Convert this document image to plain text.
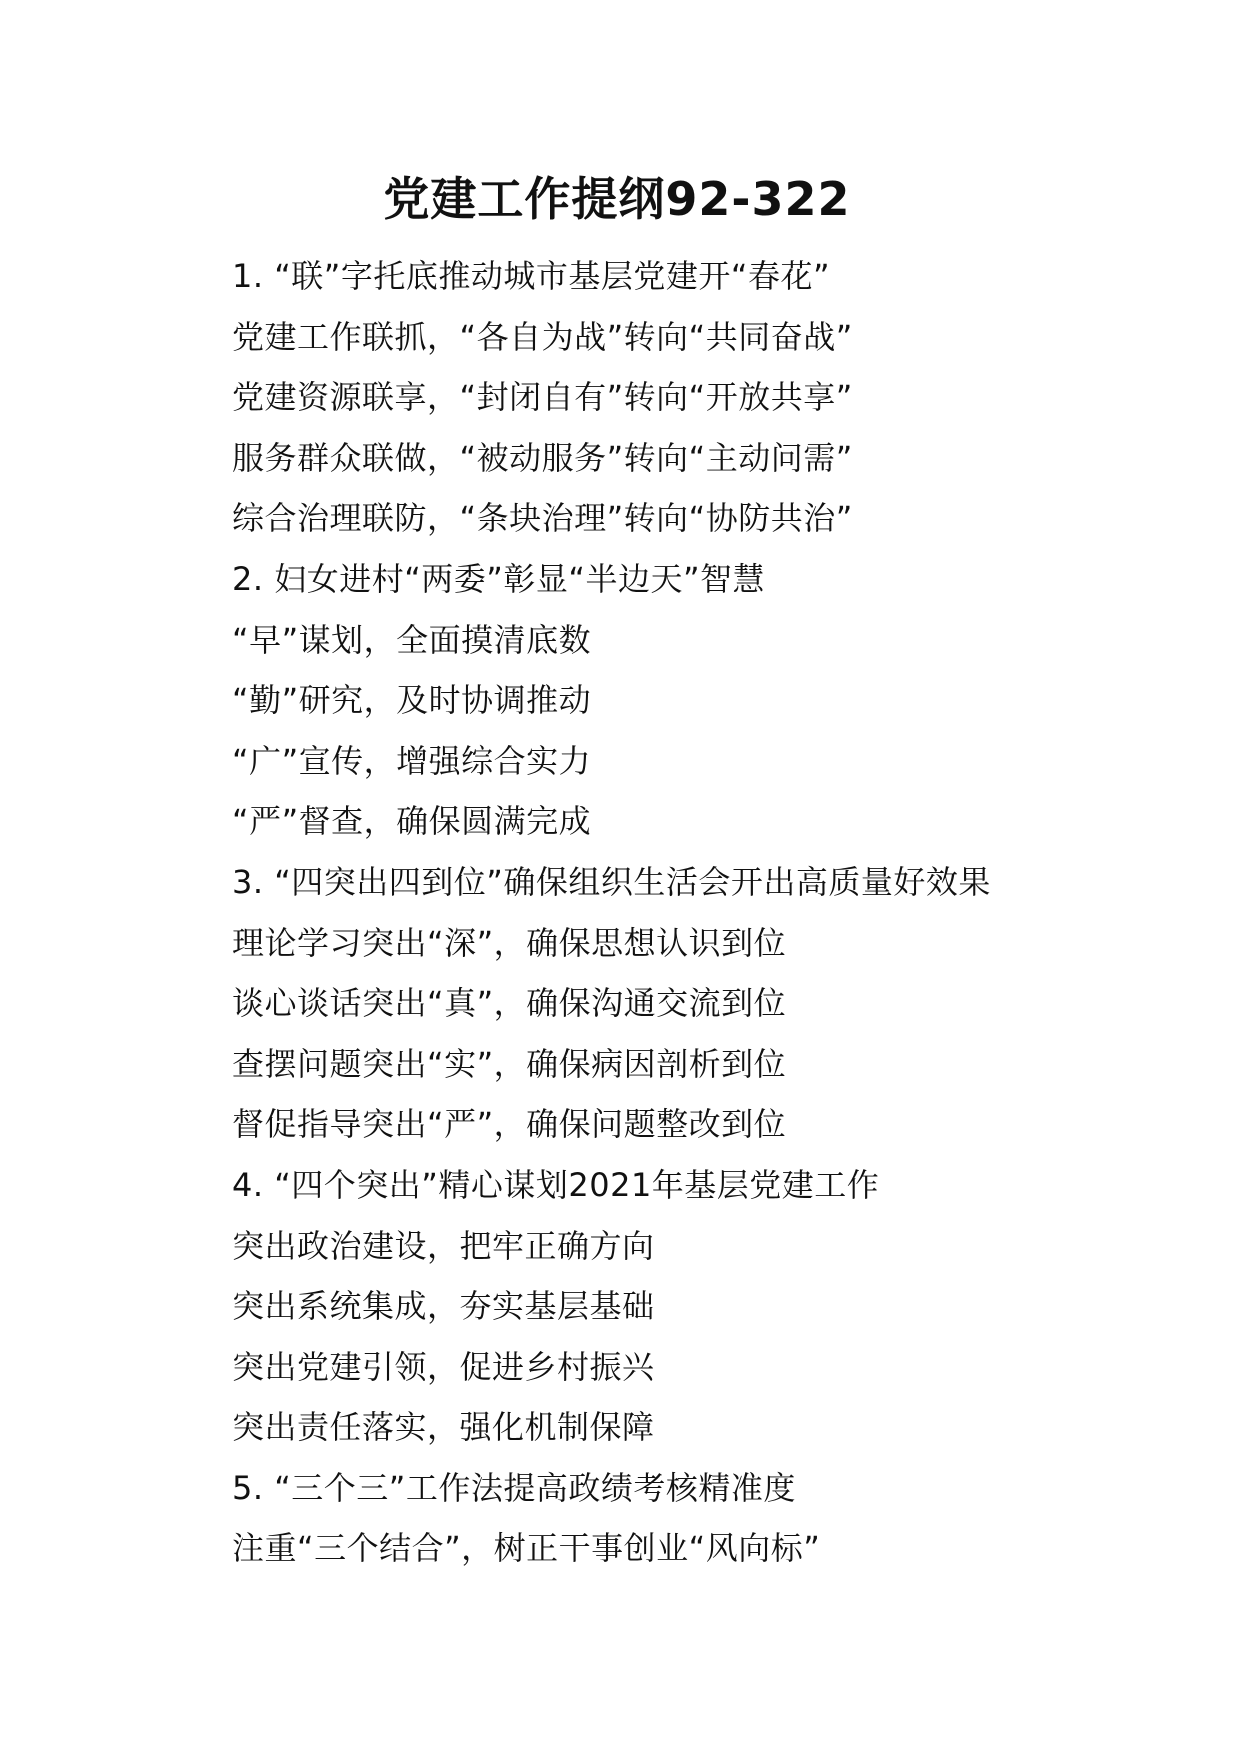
党建工作提纲92-322
1. “联”字托底推动城市基层党建开“春花”
党建工作联抓，“各自为战”转向“共同奋战”
党建资源联享，“封闭自有”转向“开放共享”
服务群众联做，“被动服务”转向“主动问需”
综合治理联防，“条块治理”转向“协防共治”
2. 妇女进村“两委”彰显“半边天”智慧
“早”谋划，全面摸清底数
“勤”研究，及时协调推动
“广”宣传，增强综合实力
“严”督查，确保圆满完成
3. “四突出四到位”确保组织生活会开出高质量好效果
理论学习突出“深”，确保思想认识到位
谈心谈话突出“真”，确保沟通交流到位
查摆问题突出“实”，确保病因剖析到位
督促指导突出“严”，确保问题整改到位
4. “四个突出”精心谋划2021年基层党建工作
突出政治建设，把牢正确方向
突出系统集成，夯实基层基础
突出党建引领，促进乡村振兴
突出责任落实，强化机制保障
5. “三个三”工作法提高政绩考核精准度
注重“三个结合”，树正干事创业“风向标”
